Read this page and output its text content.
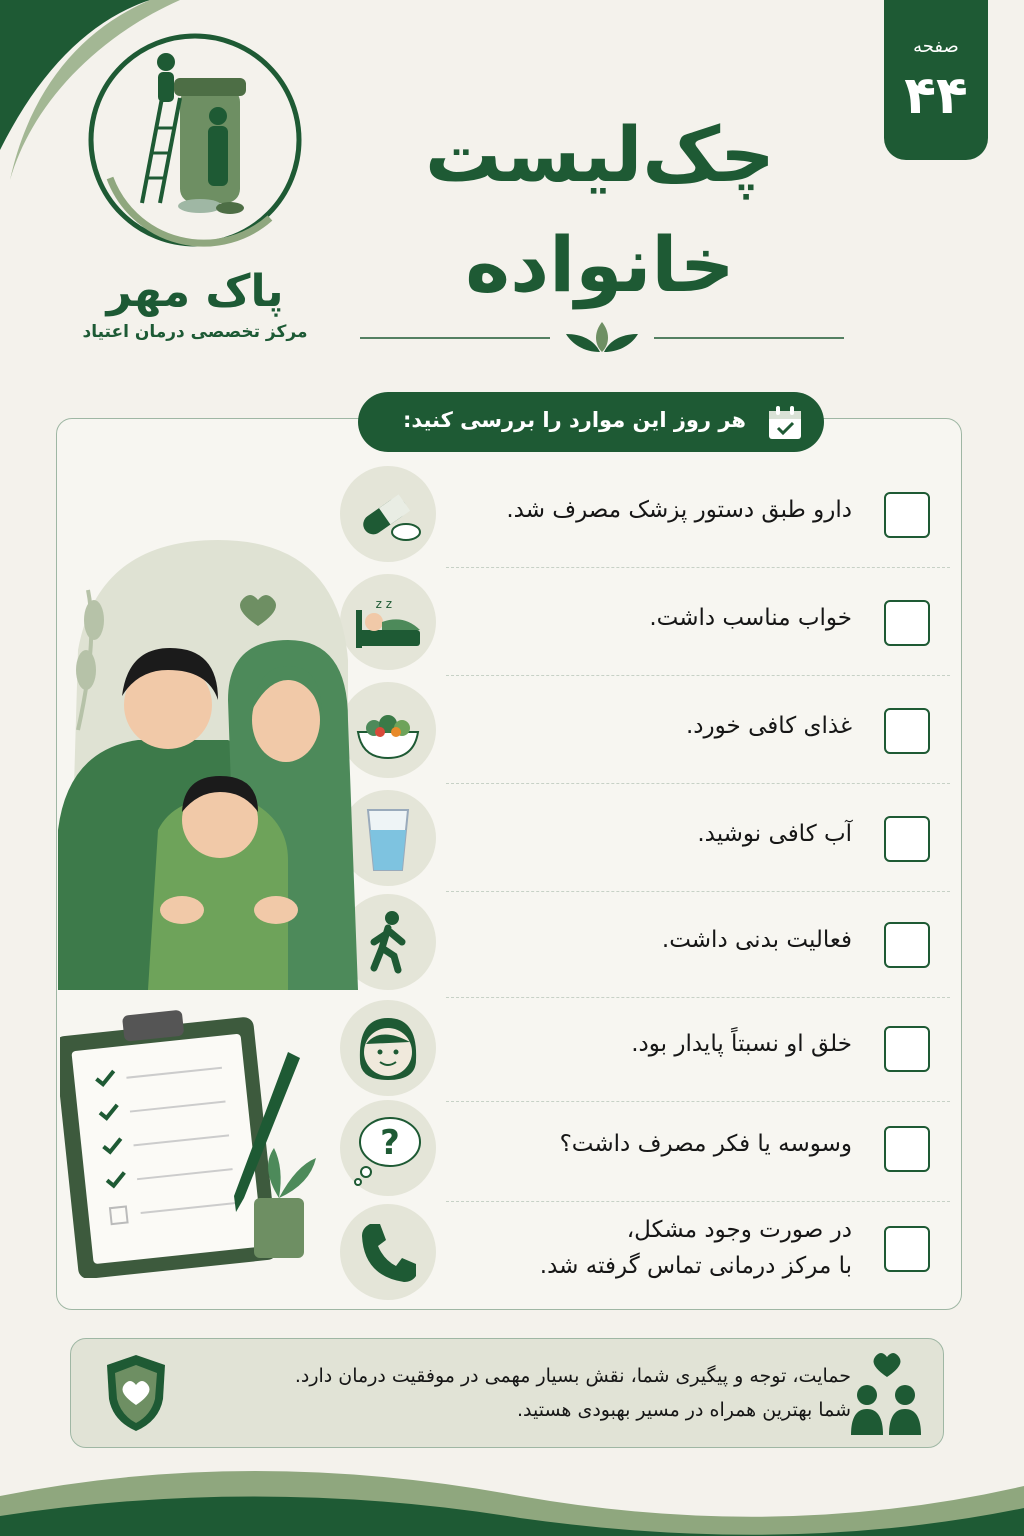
پاک مهر
مرکز تخصصی درمان اعتیاد
صفحه
۴۴
چک‌لیست
خانواده
هر روز این موارد را بررسی کنید:
دارو طبق دستور پزشک مصرف شد.
خواب مناسب داشت.
غذای کافی خورد.
آب کافی نوشید.
فعالیت بدنی داشت.
خلق او نسبتاً پایدار بود.
وسوسه یا فکر مصرف داشت؟
در صورت وجود مشکل،
با مرکز درمانی تماس گرفته شد.
z z
?
حمایت، توجه و پیگیری شما، نقش بسیار مهمی در موفقیت درمان دارد.
شما بهترین همراه در مسیر بهبودی هستید.
